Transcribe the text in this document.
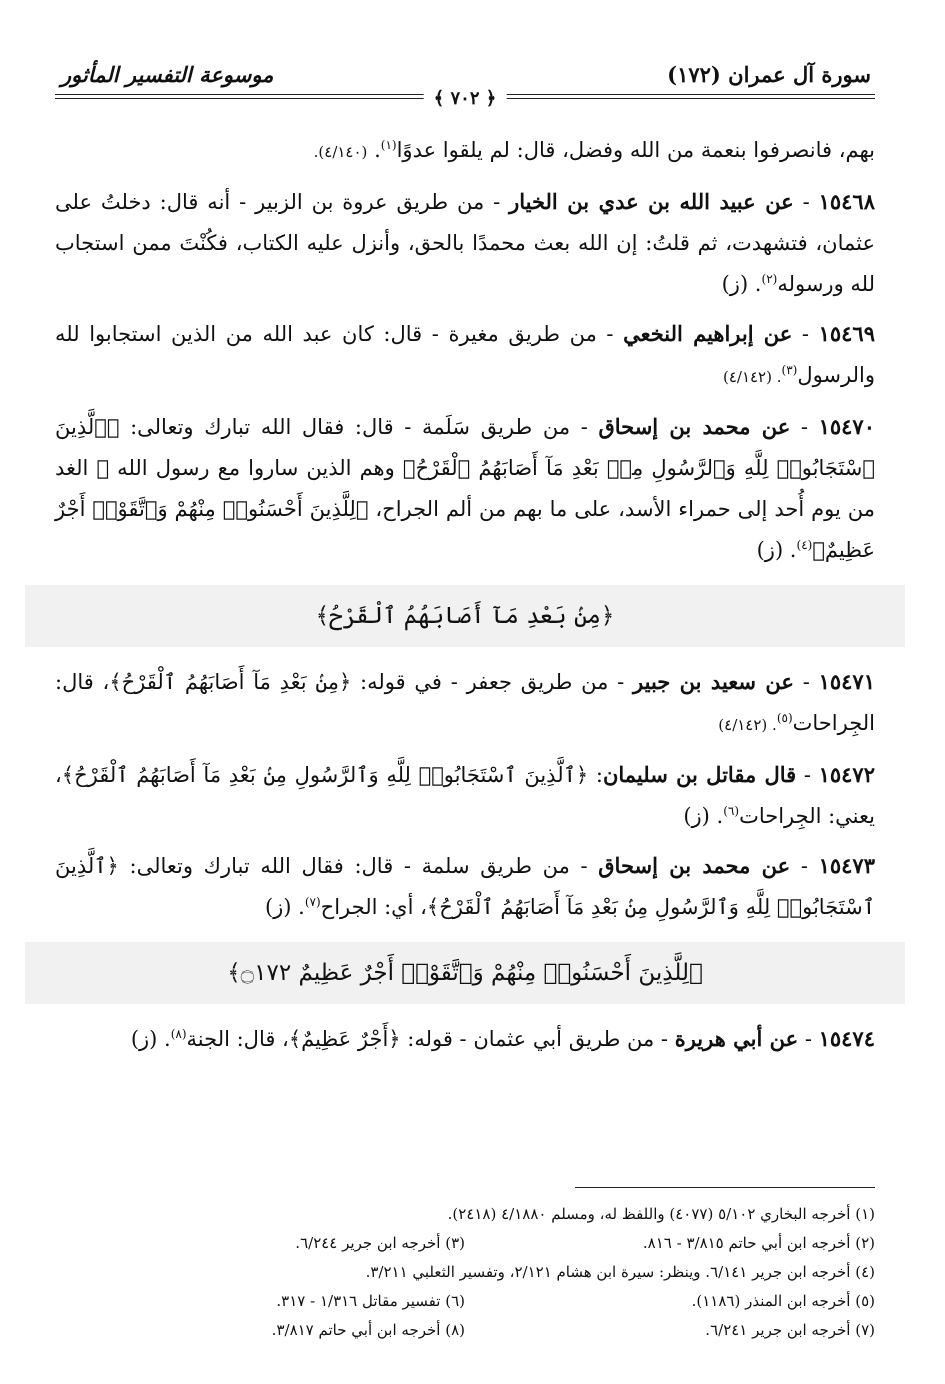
سورة آل عمران (١٧٢)
موسوعة التفسير المأثور
﴿ ٧٠٢ ﴾

بهم، فانصرفوا بنعمة من الله وفضل، قال: لم يلقوا عدوًا$^{(١)}$. (٤/١٤٠).

١٥٤٦٨ - عن عبيد الله بن عدي بن الخيار - من طريق عروة بن الزبير - أنه قال: دخلتُ على عثمان، فتشهدت، ثم قلتُ: إن الله بعث محمدًا بالحق، وأنزل عليه الكتاب، فكُنْتَ ممن استجاب لله ورسوله$^{(٢)}$. (ز)

١٥٤٦٩ - عن إبراهيم النخعي - من طريق مغيرة - قال: كان عبد الله من الذين استجابوا لله والرسول$^{(٣)}$. (٤/١٤٢)

١٥٤٧٠ - عن محمد بن إسحاق - من طريق سَلَمة - قال: فقال الله تبارك وتعالى: ﴿ٱلَّذِينَ ٱسْتَجَابُوا۟ لِلَّهِ وَٱلرَّسُولِ مِنۢ بَعْدِ مَآ أَصَابَهُمُ ٱلْقَرْحُ﴾ وهم الذين ساروا مع رسول الله ﷺ الغد من يوم أُحد إلى حمراء الأسد، على ما بهم من ألم الجراح، ﴿لِلَّذِينَ أَحْسَنُوا۟ مِنْهُمْ وَٱتَّقَوْا۟ أَجْرٌ عَظِيمٌ﴾$^{(٤)}$. (ز)

﴿مِنۢ بَعْدِ مَآ أَصَابَهُمُ ٱلْقَرْحُ﴾

١٥٤٧١ - عن سعيد بن جبير - من طريق جعفر - في قوله: ﴿مِنۢ بَعْدِ مَآ أَصَابَهُمُ ٱلْقَرْحُ﴾، قال: الجِراحات$^{(٥)}$. (٤/١٤٢)

١٥٤٧٢ - قال مقاتل بن سليمان: ﴿ٱلَّذِينَ ٱسْتَجَابُوا۟ لِلَّهِ وَٱلرَّسُولِ مِنۢ بَعْدِ مَآ أَصَابَهُمُ ٱلْقَرْحُ﴾، يعني: الجِراحات$^{(٦)}$. (ز)

١٥٤٧٣ - عن محمد بن إسحاق - من طريق سلمة - قال: فقال الله تبارك وتعالى: ﴿ٱلَّذِينَ ٱسْتَجَابُوا۟ لِلَّهِ وَٱلرَّسُولِ مِنۢ بَعْدِ مَآ أَصَابَهُمُ ٱلْقَرْحُ﴾، أي: الجراح$^{(٧)}$. (ز)

﴿لِلَّذِينَ أَحْسَنُوا۟ مِنْهُمْ وَٱتَّقَوْا۟ أَجْرٌ عَظِيمٌ ۝١٧٢﴾

١٥٤٧٤ - عن أبي هريرة - من طريق أبي عثمان - قوله: ﴿أَجْرٌ عَظِيمٌ﴾، قال: الجنة$^{(٨)}$. (ز)

(١) أخرجه البخاري ٥/١٠٢ (٤٠٧٧) واللفظ له، ومسلم ٤/١٨٨٠ (٢٤١٨).
(٢) أخرجه ابن أبي حاتم ٣/٨١٥ - ٨١٦.
(٣) أخرجه ابن جرير ٦/٢٤٤.
(٤) أخرجه ابن جرير ٦/١٤١. وينظر: سيرة ابن هشام ٢/١٢١، وتفسير الثعلبي ٣/٢١١.
(٥) أخرجه ابن المنذر (١١٨٦).
(٦) تفسير مقاتل ١/٣١٦ - ٣١٧.
(٧) أخرجه ابن جرير ٦/٢٤١.
(٨) أخرجه ابن أبي حاتم ٣/٨١٧.
